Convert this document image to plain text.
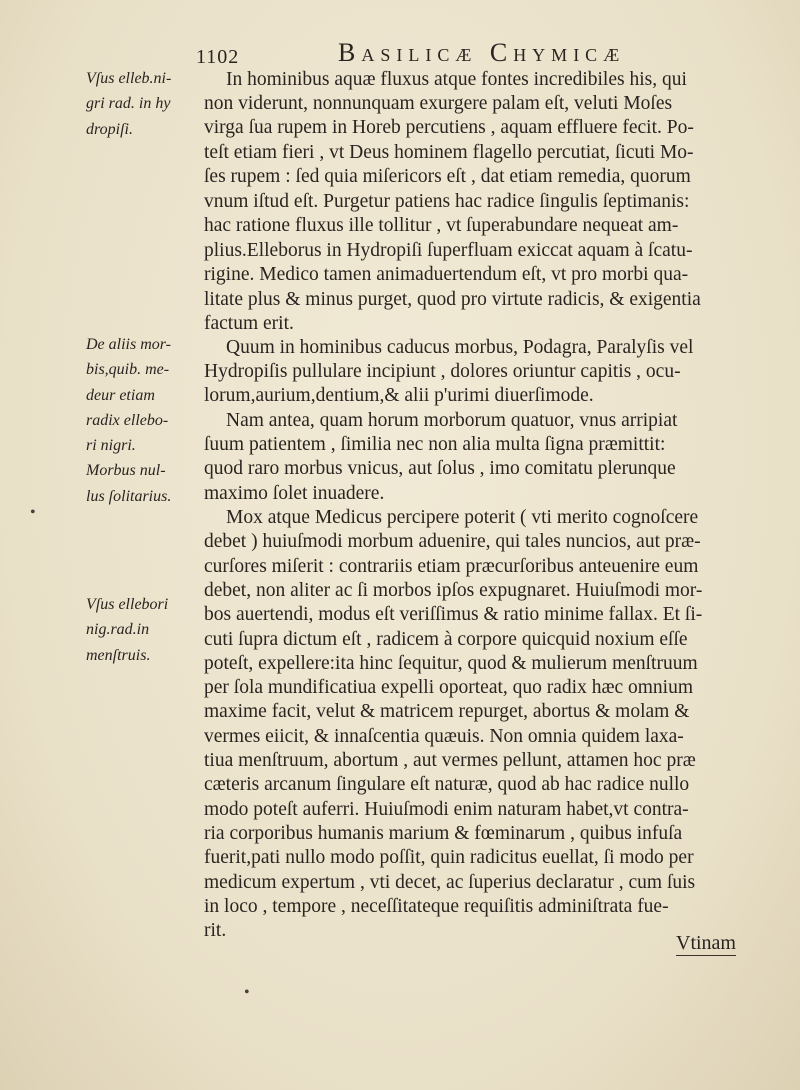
1102	Basilicæ Chymicæ
Vſus elleb.ni-
gri rad. in hy
dropiſi.
De aliis mor-
bis,quib. me-
deur etiam
radix ellebo-
ri nigri.
Morbus nul-
lus ſolitarius.
Vſus ellebori
nig.rad.in
menſtruis.
In hominibus aquæ fluxus atque fontes incredibiles his, qui
non viderunt, nonnunquam exurgere palam eſt, veluti Moſes
virga ſua rupem in Horeb percutiens , aquam effluere fecit. Po-
teſt etiam fieri , vt Deus hominem flagello percutiat, ſicuti Mo-
ſes rupem : ſed quia miſericors eſt , dat etiam remedia, quorum
vnum iſtud eſt. Purgetur patiens hac radice ſingulis ſeptimanis:
hac ratione fluxus ille tollitur , vt ſuperabundare nequeat am-
plius.Elleborus in Hydropiſi ſuperfluam exiccat aquam à ſcatu-
rigine. Medico tamen animaduertendum eſt, vt pro morbi qua-
litate plus & minus purget, quod pro virtute radicis, & exigentia
factum erit.
Quum in hominibus caducus morbus, Podagra, Paralyſis vel
Hydropiſis pullulare incipiunt , dolores oriuntur capitis , ocu-
lorum,aurium,dentium,& alii p'urimi diuerſimode.
Nam antea, quam horum morborum quatuor, vnus arripiat
ſuum patientem , ſimilia nec non alia multa ſigna præmittit:
quod raro morbus vnicus, aut ſolus , imo comitatu plerunque
maximo ſolet inuadere.
Mox atque Medicus percipere poterit ( vti merito cognoſcere
debet ) huiuſmodi morbum aduenire, qui tales nuncios, aut præ-
curſores miſerit : contrariis etiam præcurſoribus anteuenire eum
debet, non aliter ac ſi morbos ipſos expugnaret. Huiuſmodi mor-
bos auertendi, modus eſt veriſſimus & ratio minime fallax. Et ſi-
cuti ſupra dictum eſt , radicem à corpore quicquid noxium eſſe
poteſt, expellere:ita hinc ſequitur, quod & mulierum menſtruum
per ſola mundificatiua expelli oporteat, quo radix hæc omnium
maxime facit, velut & matricem repurget, abortus & molam &
vermes eiicit, & innaſcentia quæuis. Non omnia quidem laxa-
tiua menſtruum, abortum , aut vermes pellunt, attamen hoc præ
cæteris arcanum ſingulare eſt naturæ, quod ab hac radice nullo
modo poteſt auferri. Huiuſmodi enim naturam habet,vt contra-
ria corporibus humanis marium & fœminarum , quibus infuſa
fuerit,pati nullo modo poſſit, quin radicitus euellat, ſi modo per
medicum expertum , vti decet, ac ſuperius declaratur , cum ſuis
in loco , tempore , neceſſitateque requiſitis adminiſtrata fue-
rit.
Vtinam
•
•
